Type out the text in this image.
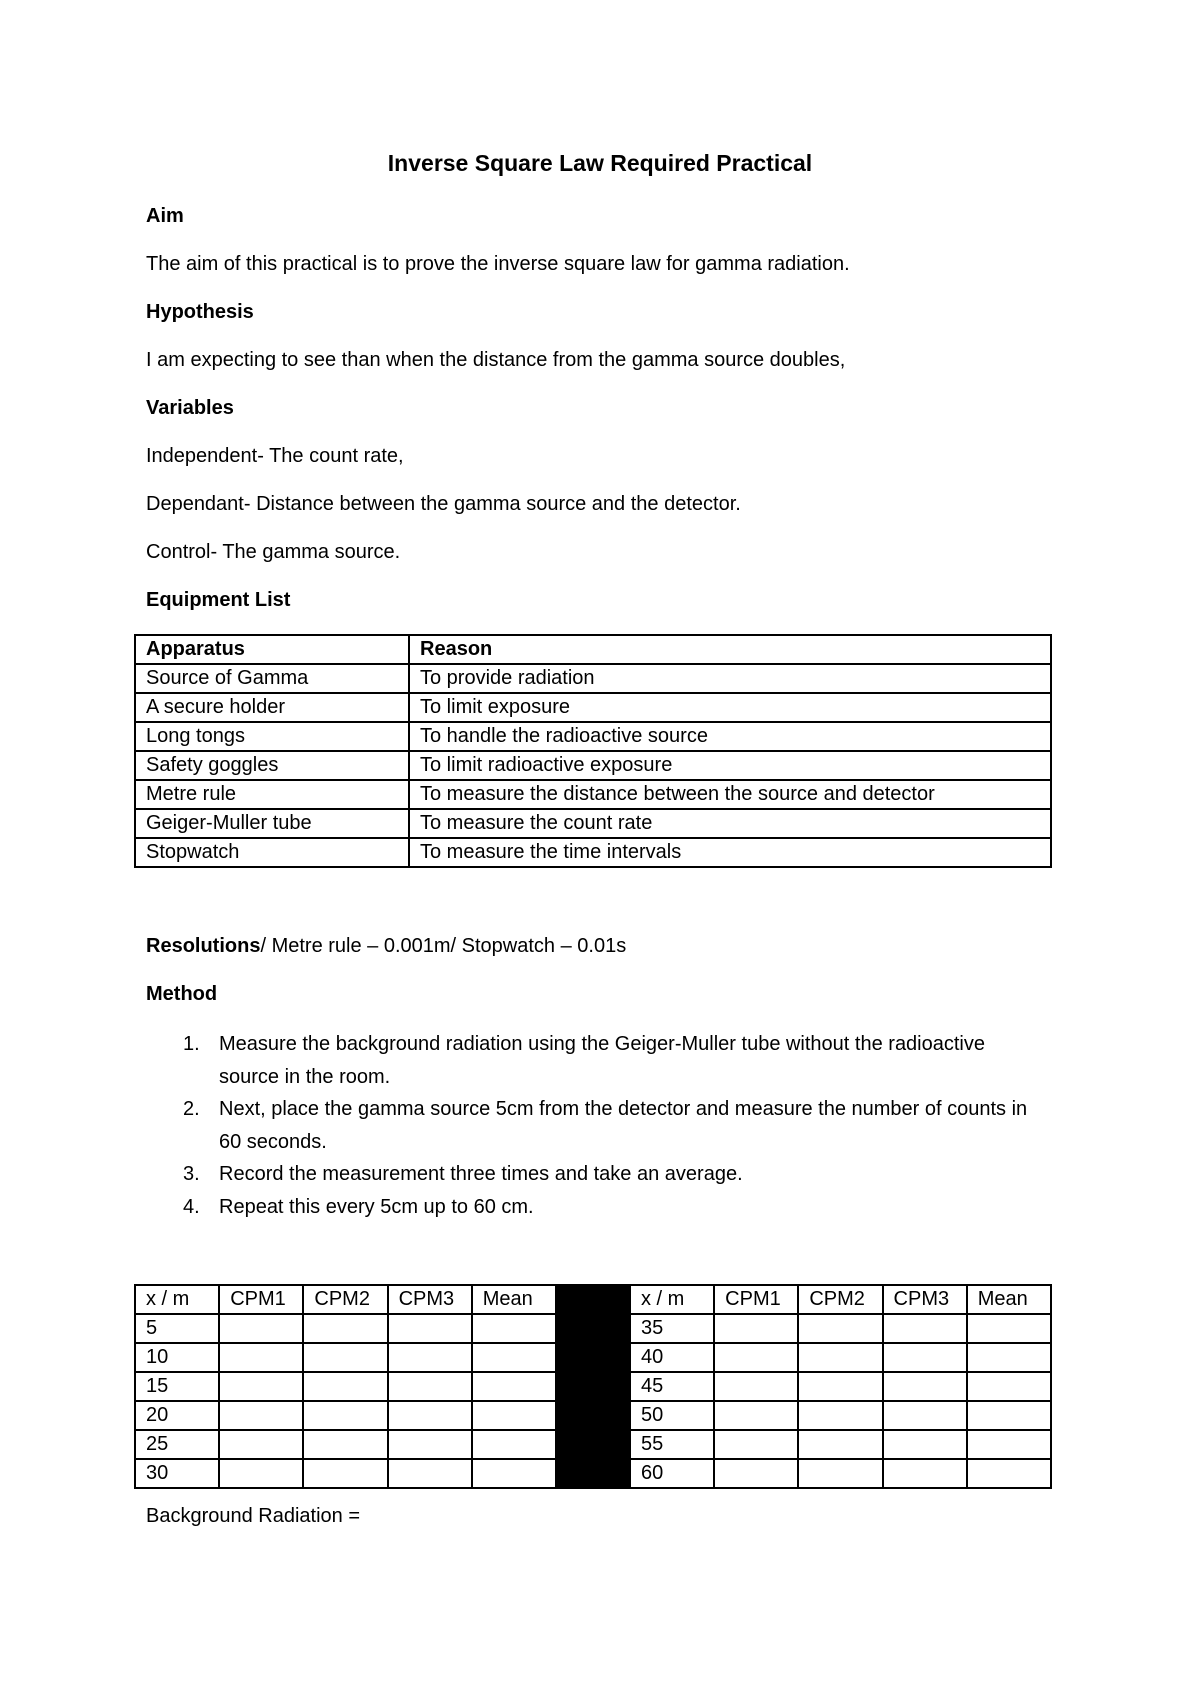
Inverse Square Law Required Practical
Aim
The aim of this practical is to prove the inverse square law for gamma radiation.
Hypothesis
I am expecting to see than when the distance from the gamma source doubles,
Variables
Independent- The count rate,
Dependant- Distance between the gamma source and the detector.
Control- The gamma source.
Equipment List
Apparatus	Reason
Source of Gamma	To provide radiation
A secure holder	To limit exposure
Long tongs	To handle the radioactive source
Safety goggles	To limit radioactive exposure
Metre rule	To measure the distance between the source and detector
Geiger-Muller tube	To measure the count rate
Stopwatch	To measure the time intervals
Resolutions/ Metre rule – 0.001m/ Stopwatch – 0.01s
Method
1. Measure the background radiation using the Geiger-Muller tube without the radioactive source in the room.
2. Next, place the gamma source 5cm from the detector and measure the number of counts in 60 seconds.
3. Record the measurement three times and take an average.
4. Repeat this every 5cm up to 60 cm.
x / m	CPM1	CPM2	CPM3	Mean		x / m	CPM1	CPM2	CPM3	Mean
5						35				
10						40				
15						45				
20						50				
25						55				
30						60				
Background Radiation =
